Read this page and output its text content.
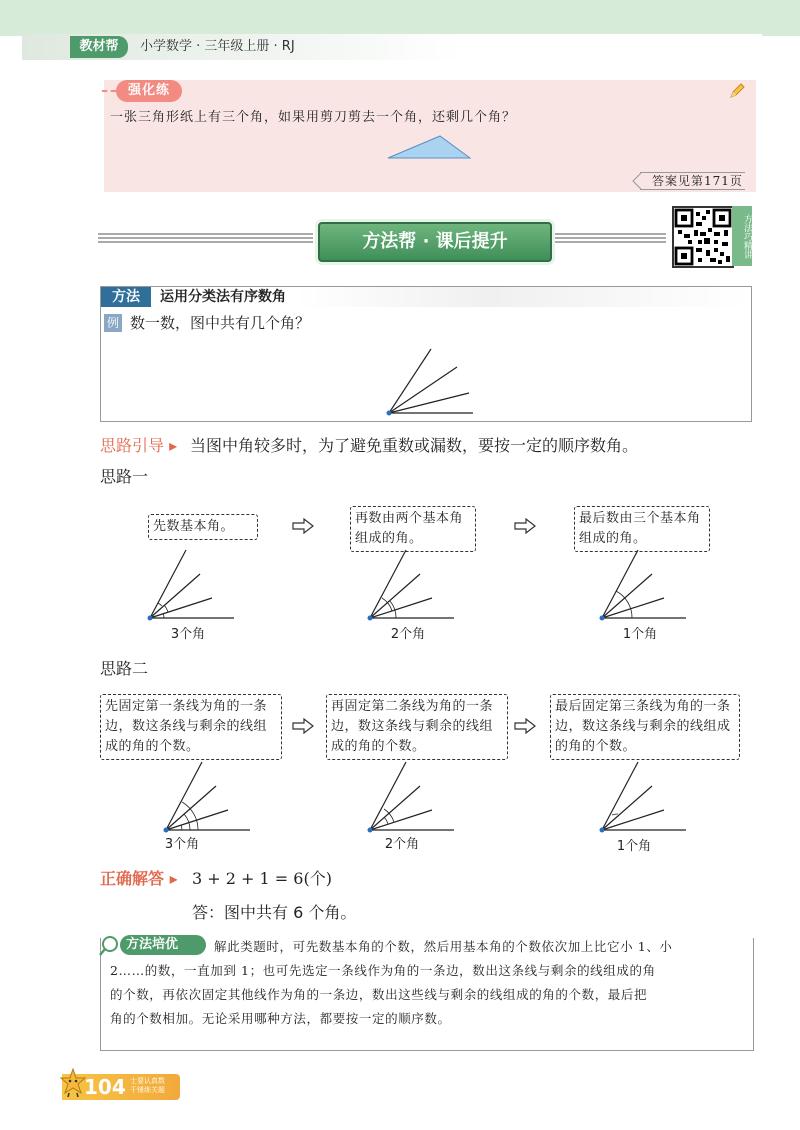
教材帮	小学数学 · 三年级上册 · RJ
强化练
一张三角形纸上有三个角，如果用剪刀剪去一个角，还剩几个角？
答案见第171页
方法帮 · 课后提升	方法巧精讲
方法	运用分类法有序数角
例 数一数，图中共有几个角？
思路引导 ▸ 当图中角较多时，为了避免重数或漏数，要按一定的顺序数角。
思路一
先数基本角。
再数由两个基本角组成的角。
最后数由三个基本角组成的角。
3个角	2个角	1个角
思路二
先固定第一条线为角的一条边，数这条线与剩余的线组成的角的个数。
再固定第二条线为角的一条边，数这条线与剩余的线组成的角的个数。
最后固定第三条线为角的一条边，数这条线与剩余的线组成的角的个数。
3个角	2个角	1个角
正确解答 ▸ 3 + 2 + 1 = 6(个)
答：图中共有 6 个角。
方法培优	解此类题时，可先数基本角的个数，然后用基本角的个数依次加上比它小 1、小
2……的数，一直加到 1；也可先选定一条线作为角的一条边，数出这条线与剩余的线组成的角
的个数，再依次固定其他线作为角的一条边，数出这些线与剩余的线组成的角的个数，最后把
角的个数相加。无论采用哪种方法，都要按一定的顺序数。
104 士要认真数
千锤练关题
